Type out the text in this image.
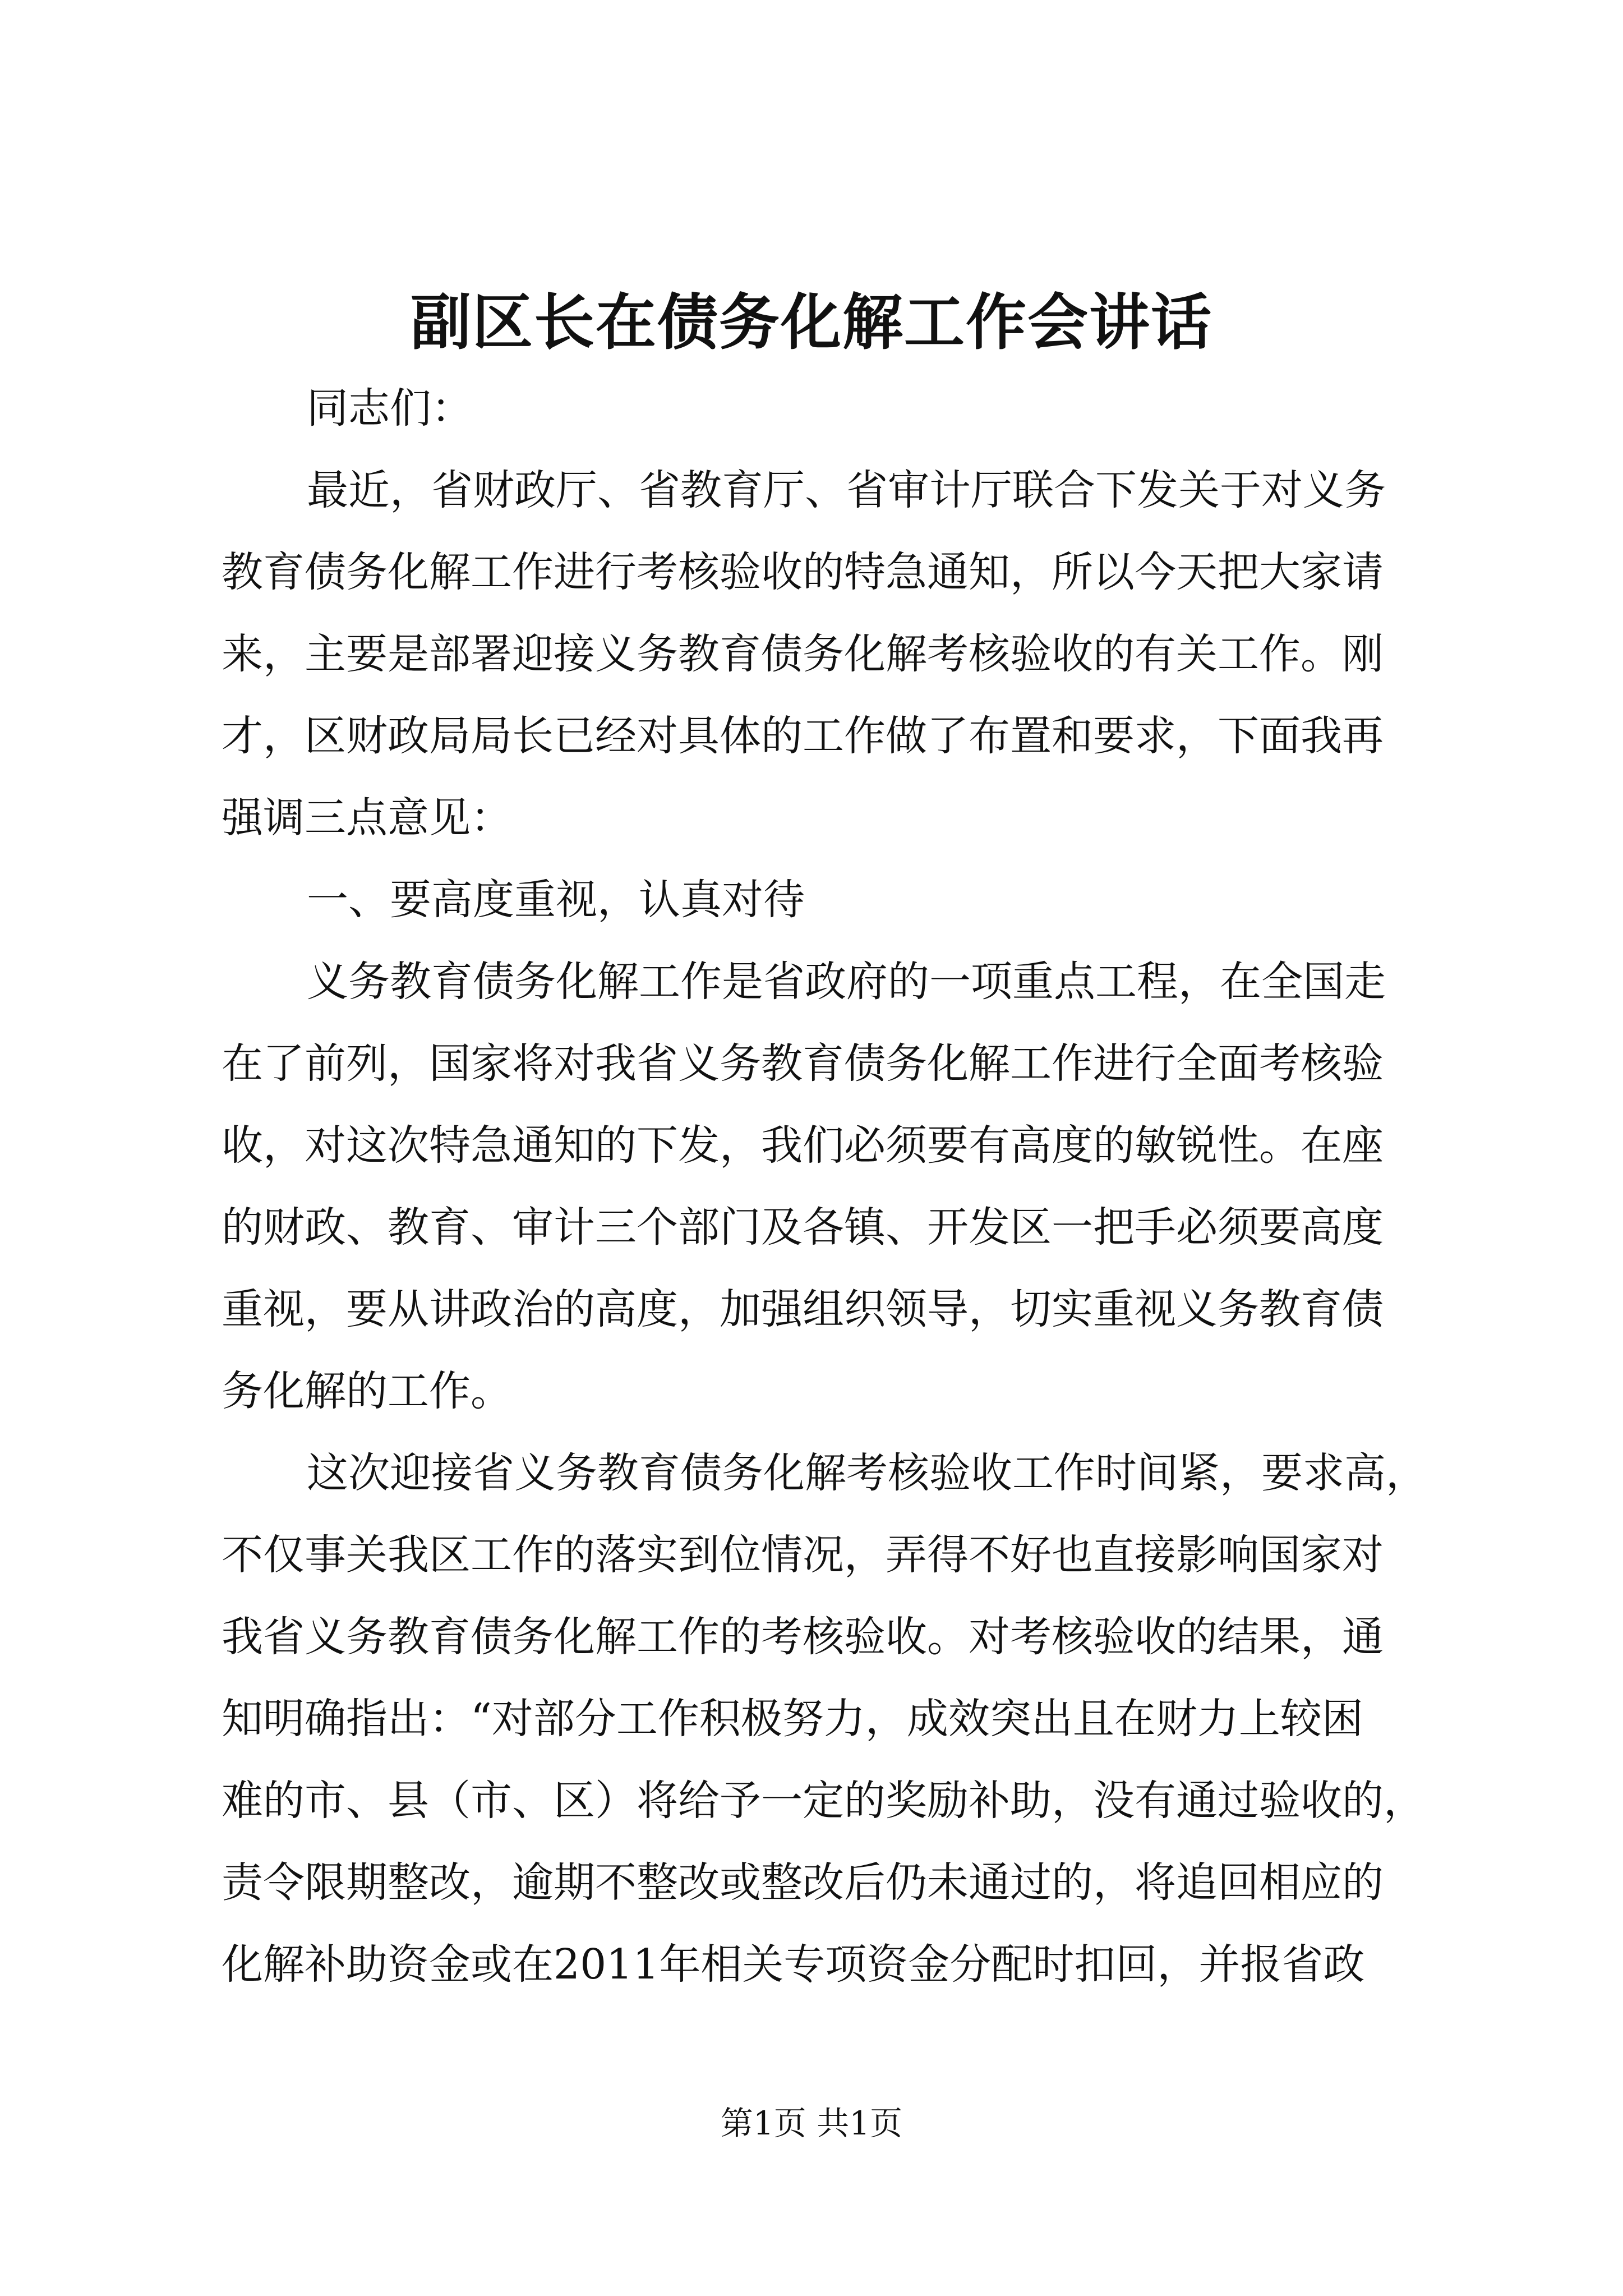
副区长在债务化解工作会讲话
同志们：
最近，省财政厅、省教育厅、省审计厅联合下发关于对义务
教育债务化解工作进行考核验收的特急通知，所以今天把大家请
来，主要是部署迎接义务教育债务化解考核验收的有关工作。刚
才，区财政局局长已经对具体的工作做了布置和要求，下面我再
强调三点意见：
一、要高度重视，认真对待
义务教育债务化解工作是省政府的一项重点工程，在全国走
在了前列，国家将对我省义务教育债务化解工作进行全面考核验
收，对这次特急通知的下发，我们必须要有高度的敏锐性。在座
的财政、教育、审计三个部门及各镇、开发区一把手必须要高度
重视，要从讲政治的高度，加强组织领导，切实重视义务教育债
务化解的工作。
这次迎接省义务教育债务化解考核验收工作时间紧，要求高，
不仅事关我区工作的落实到位情况，弄得不好也直接影响国家对
我省义务教育债务化解工作的考核验收。对考核验收的结果，通
知明确指出：“对部分工作积极努力，成效突出且在财力上较困
难的市、县（市、区）将给予一定的奖励补助，没有通过验收的，
责令限期整改，逾期不整改或整改后仍未通过的，将追回相应的
化解补助资金或在2011年相关专项资金分配时扣回，并报省政
第1页 共1页
